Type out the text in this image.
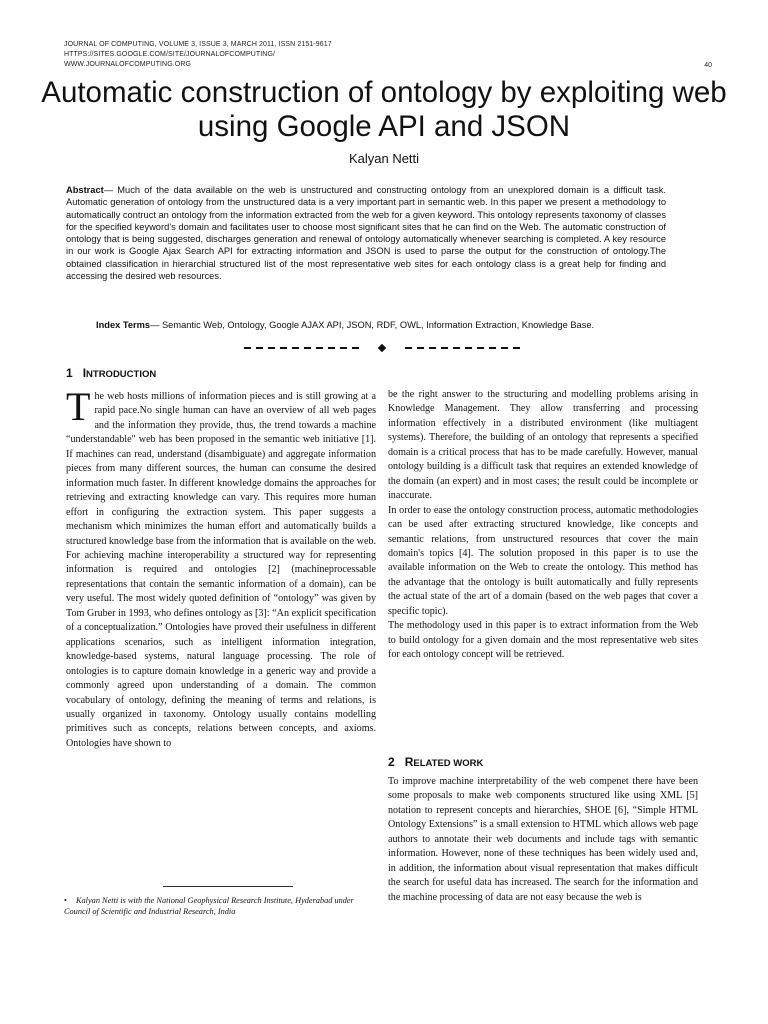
JOURNAL OF COMPUTING, VOLUME 3, ISSUE 3, MARCH 2011, ISSN 2151-9617
HTTPS://SITES.GOOGLE.COM/SITE/JOURNALOFCOMPUTING/
WWW.JOURNALOFCOMPUTING.ORG	40
Automatic construction of ontology by exploiting web using Google API and JSON
Kalyan Netti
Abstract— Much of the data available on the web is unstructured and constructing ontology from an unexplored domain is a difficult task. Automatic generation of ontology from the unstructured data is a very important part in semantic web. In this paper we present a methodology to automatically contruct an ontology from the information extracted from the web for a given keyword. This ontology represents taxonomy of classes for the specified keyword’s domain and facilitates user to choose most significant sites that he can find on the Web. The automatic construction of ontology that is being suggested, discharges generation and renewal of ontology automatically whenever searching is completed. A key resource in our work is Google Ajax Search API for extracting information and JSON is used to parse the output for the construction of ontology.The obtained classification in hierarchial structured list of the most representative web sites for each ontology class is a great help for finding and accessing the desired web resources.
Index Terms— Semantic Web, Ontology, Google AJAX API, JSON, RDF, OWL, Information Extraction, Knowledge Base.
1 INTRODUCTION

The web hosts millions of information pieces and is still growing at a rapid pace.No single human can have an overview of all web pages and the information they provide, thus, the trend towards a machine “understandable" web has been proposed in the semantic web initiative [1]. If machines can read, understand (disambiguate) and aggregate information pieces from many different sources, the human can consume the desired information much faster. In different knowledge domains the approaches for retrieving and extracting knowledge can vary. This requires more human effort in configuring the extraction system. This paper suggests a mechanism which minimizes the human effort and automatically builds a structured knowledge base from the information that is available on the web. For achieving machine interoperability a structured way for representing information is required and ontologies [2] (machineprocessable representations that contain the semantic information of a domain), can be very useful. The most widely quoted definition of “ontology” was given by Tom Gruber in 1993, who defines ontology as [3]: “An explicit specification of a conceptualization.” Ontologies have proved their usefulness in different applications scenarios, such as intelligent information integration, knowledge-based systems, natural language processing. The role of ontologies is to capture domain knowledge in a generic way and provide a commonly agreed upon understanding of a domain. The common vocabulary of ontology, defining the meaning of terms and relations, is usually organized in taxonomy. Ontology usually contains modelling primitives such as concepts, relations between concepts, and axioms. Ontologies have shown to

be the right answer to the structuring and modelling problems arising in Knowledge Management. They allow transferring and processing information effectively in a distributed environment (like multiagent systems). Therefore, the building of an ontology that represents a specified domain is a critical process that has to be made carefully. However, manual ontology building is a difficult task that requires an extended knowledge of the domain (an expert) and in most cases; the result could be incomplete or inaccurate.

In order to ease the ontology construction process, automatic methodologies can be used after extracting structured knowledge, like concepts and semantic relations, from unstructured resources that cover the main domain's topics [4]. The solution proposed in this paper is to use the available information on the Web to create the ontology. This method has the advantage that the ontology is built automatically and fully represents the actual state of the art of a domain (based on the web pages that cover a specific topic).

The methodology used in this paper is to extract information from the Web to build ontology for a given domain and the most representative web sites for each ontology concept will be retrieved.

2 RELATED WORK

To improve machine interpretability of the web compenet there have been some proposals to make web components structured like using XML [5] notation to represent concepts and hierarchies, SHOE [6], “Simple HTML Ontology Extensions” is a small extension to HTML which allows web page authors to annotate their web documents and include tags with semantic information. However, none of these techniques has been widely used and, in addition, the information about visual representation that makes difficult the search for useful data has increased. The search for the information and the machine processing of data are not easy because the web is

• Kalyan Netti is with the National Geophysical Research Institute, Hyderabad under Council of Scientific and Industrial Research, India
